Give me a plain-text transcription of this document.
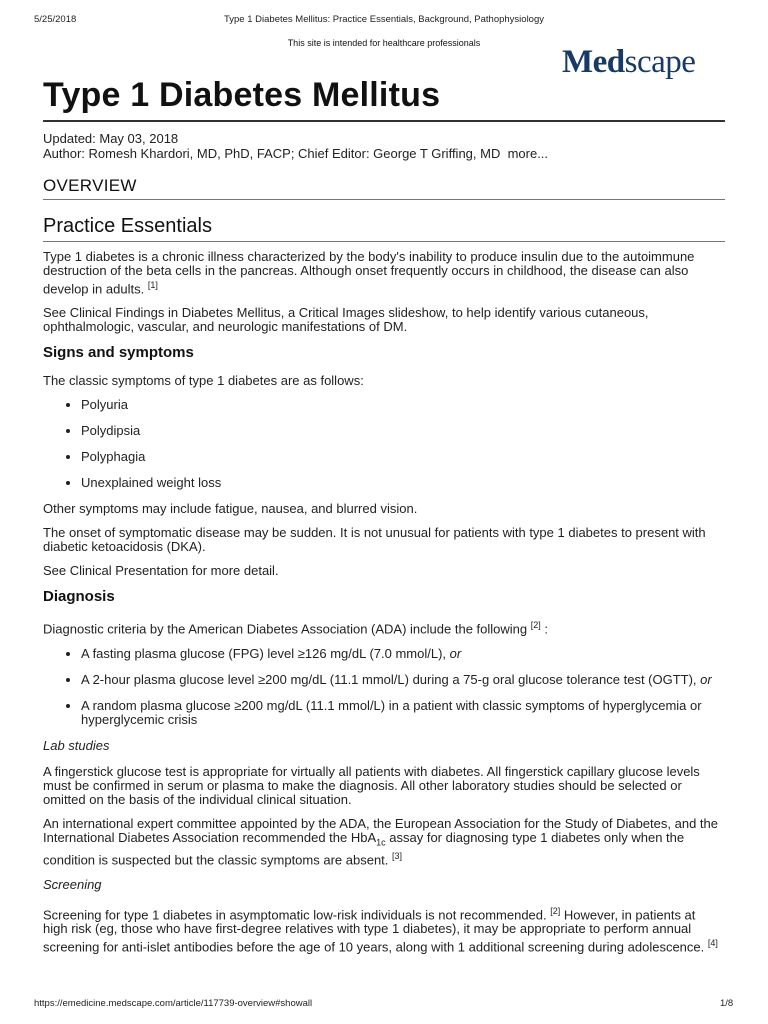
Type 1 Diabetes Mellitus: Practice Essentials, Background, Pathophysiology
5/25/2018
This site is intended for healthcare professionals
Medscape
Type 1 Diabetes Mellitus
Updated: May 03, 2018
Author: Romesh Khardori, MD, PhD, FACP; Chief Editor: George T Griffing, MD more...
OVERVIEW
Practice Essentials

Type 1 diabetes is a chronic illness characterized by the body's inability to produce insulin due to the autoimmune destruction of the beta cells in the pancreas. Although onset frequently occurs in childhood, the disease can also develop in adults. [1]

See Clinical Findings in Diabetes Mellitus, a Critical Images slideshow, to help identify various cutaneous, ophthalmologic, vascular, and neurologic manifestations of DM.

Signs and symptoms

The classic symptoms of type 1 diabetes are as follows:

• Polyuria
• Polydipsia
• Polyphagia
• Unexplained weight loss

Other symptoms may include fatigue, nausea, and blurred vision.

The onset of symptomatic disease may be sudden. It is not unusual for patients with type 1 diabetes to present with diabetic ketoacidosis (DKA).

See Clinical Presentation for more detail.

Diagnosis

Diagnostic criteria by the American Diabetes Association (ADA) include the following [2] :

• A fasting plasma glucose (FPG) level ≥126 mg/dL (7.0 mmol/L), or
• A 2-hour plasma glucose level ≥200 mg/dL (11.1 mmol/L) during a 75-g oral glucose tolerance test (OGTT), or
• A random plasma glucose ≥200 mg/dL (11.1 mmol/L) in a patient with classic symptoms of hyperglycemia or hyperglycemic crisis
Lab studies

A fingerstick glucose test is appropriate for virtually all patients with diabetes. All fingerstick capillary glucose levels must be confirmed in serum or plasma to make the diagnosis. All other laboratory studies should be selected or omitted on the basis of the individual clinical situation.

An international expert committee appointed by the ADA, the European Association for the Study of Diabetes, and the International Diabetes Association recommended the HbA$_{1c}$ assay for diagnosing type 1 diabetes only when the condition is suspected but the classic symptoms are absent. [3]

Screening

Screening for type 1 diabetes in asymptomatic low-risk individuals is not recommended. [2] However, in patients at high risk (eg, those who have first-degree relatives with type 1 diabetes), it may be appropriate to perform annual screening for anti-islet antibodies before the age of 10 years, along with 1 additional screening during adolescence. [4]

https://emedicine.medscape.com/article/117739-overview#showall	1/8
